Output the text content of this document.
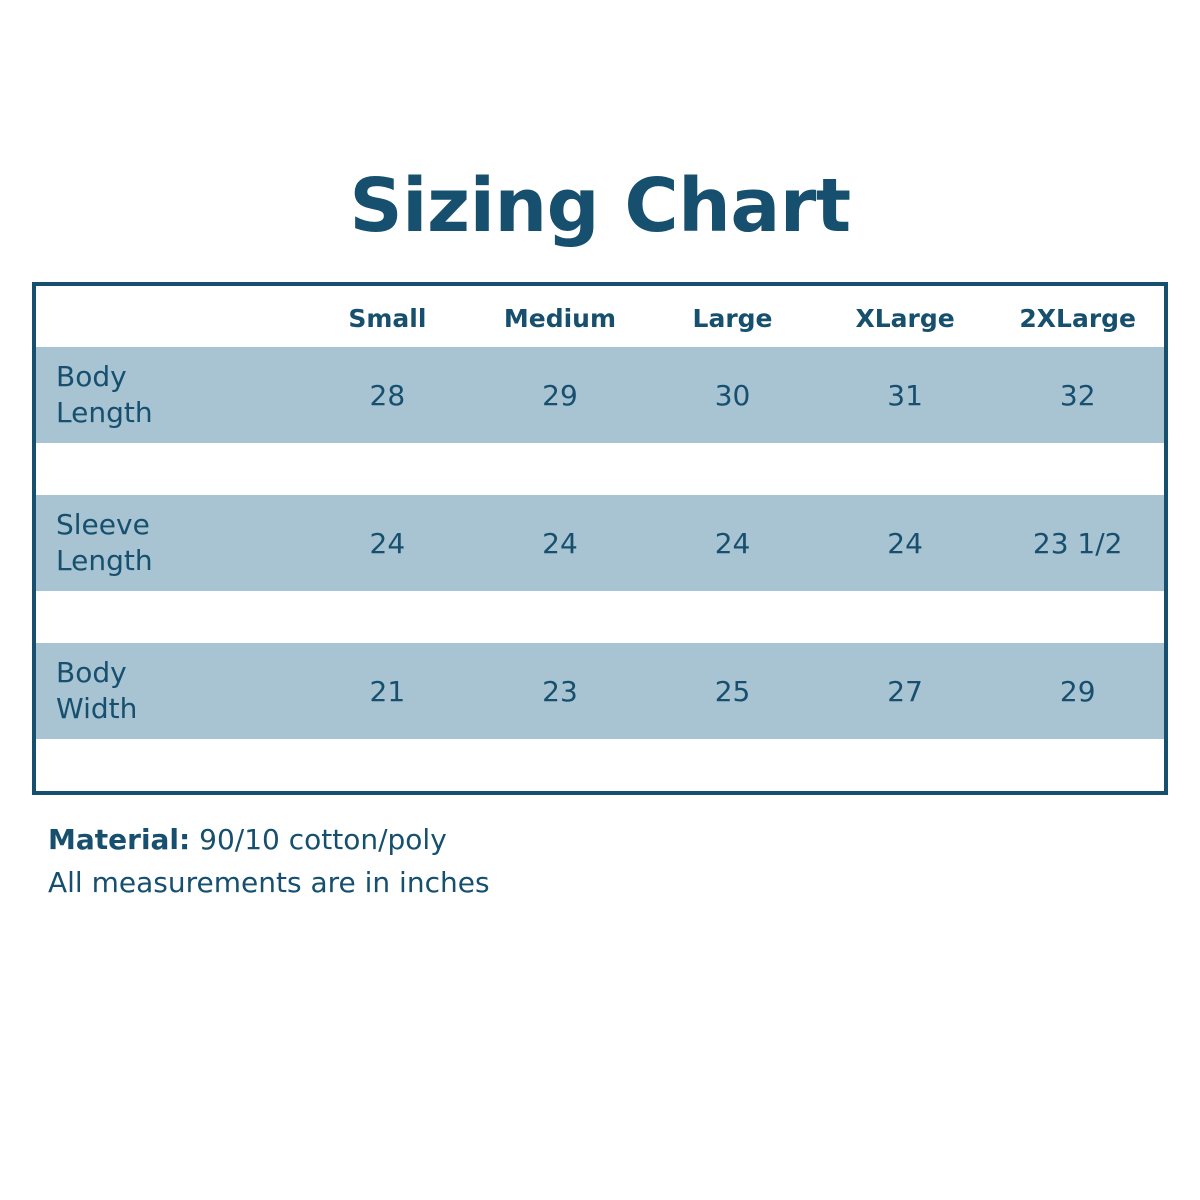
Sizing Chart
	Small	Medium	Large	XLarge	2XLarge
Body
Length	28	29	30	31	32

Sleeve
Length	24	24	24	24	23 1/2

Body
Width	21	23	25	27	29

Material: 90/10 cotton/poly
All measurements are in inches
